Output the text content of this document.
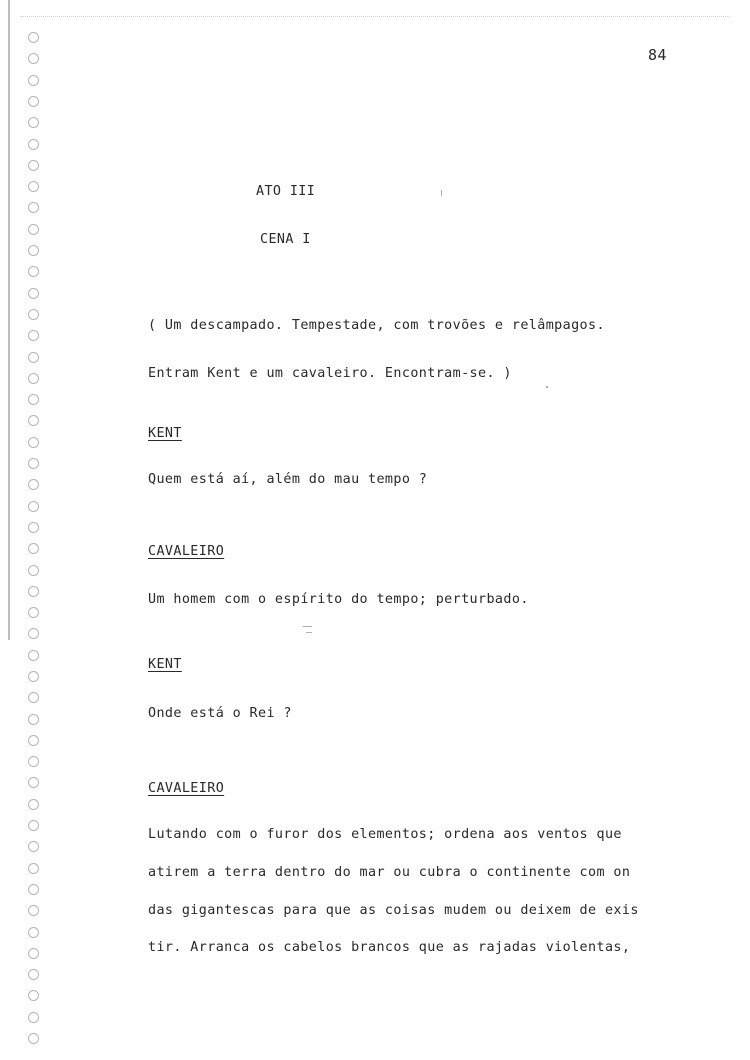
84
ATO III
CENA I
( Um descampado. Tempestade, com trovões e relâmpagos.
Entram Kent e um cavaleiro. Encontram-se. )
KENT
Quem está aí, além do mau tempo ?
CAVALEIRO
Um homem com o espírito do tempo; perturbado.
KENT
Onde está o Rei ?
CAVALEIRO
Lutando com o furor dos elementos; ordena aos ventos que
atirem a terra dentro do mar ou cubra o continente com on
das gigantescas para que as coisas mudem ou deixem de exis
tir. Arranca os cabelos brancos que as rajadas violentas,
